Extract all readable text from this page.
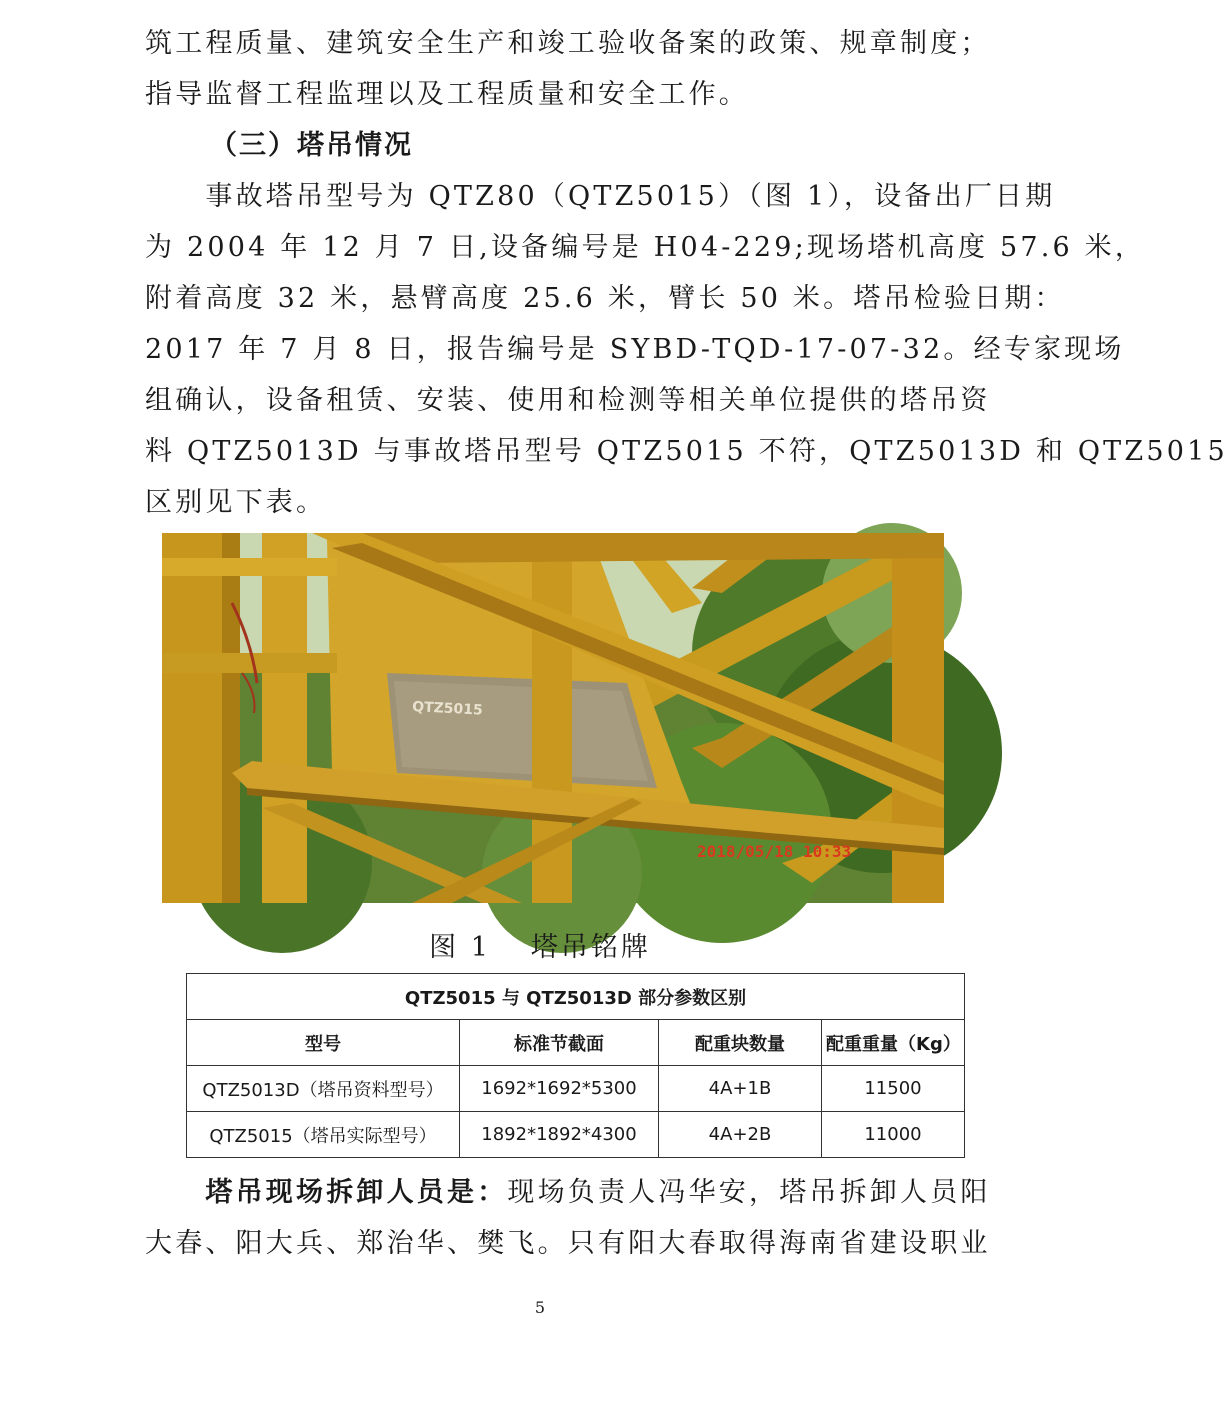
筑工程质量、建筑安全生产和竣工验收备案的政策、规章制度；
指导监督工程监理以及工程质量和安全工作。
（三）塔吊情况
　　事故塔吊型号为 QTZ80（QTZ5015）（图 1），设备出厂日期
为 2004 年 12 月 7 日,设备编号是 H04-229;现场塔机高度 57.6 米，
附着高度 32 米，悬臂高度 25.6 米，臂长 50 米。塔吊检验日期：
2017 年 7 月 8 日，报告编号是 SYBD-TQD-17-07-32。经专家现场
组确认，设备租赁、安装、使用和检测等相关单位提供的塔吊资
料 QTZ5013D 与事故塔吊型号 QTZ5015 不符，QTZ5013D 和 QTZ5015
区别见下表。
QTZ5015
2018/05/18 10:33
图 1 塔吊铭牌
QTZ5015 与 QTZ5013D 部分参数区别			
型号	标准节截面	配重块数量	配重重量（Kg）
QTZ5013D（塔吊资料型号）	1692*1692*5300	4A+1B	11500
QTZ5015（塔吊实际型号）	1892*1892*4300	4A+2B	11000
　　塔吊现场拆卸人员是：现场负责人冯华安，塔吊拆卸人员阳
大春、阳大兵、郑治华、樊飞。只有阳大春取得海南省建设职业
5
